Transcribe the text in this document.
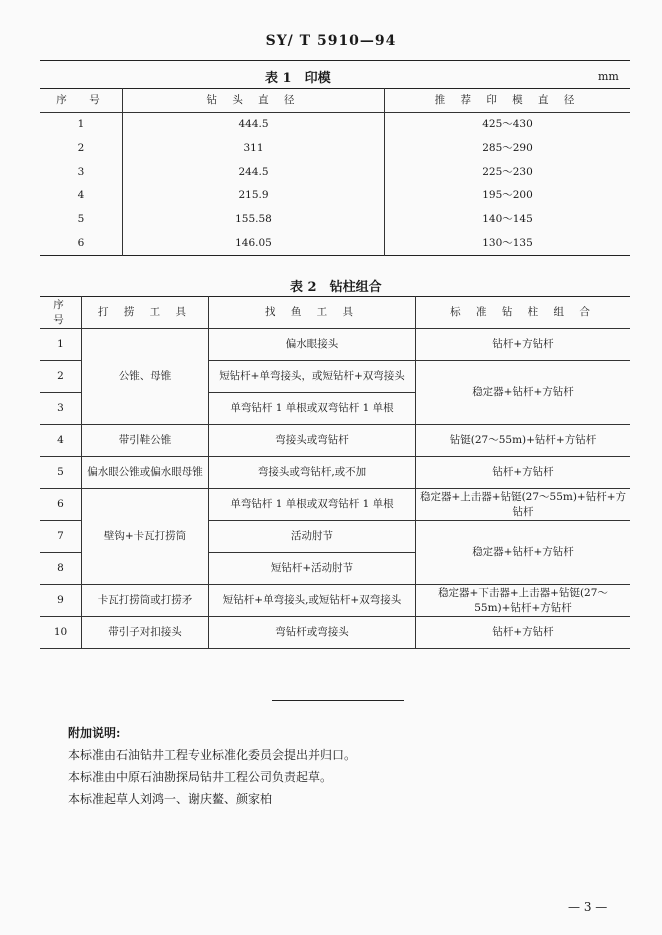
SY/ T 5910—94
表 1　印模	mm
序　号	钻 头 直 径	推 荐 印 模 直 径
1	444.5	425～430
2	311	285～290
3	244.5	225～230
4	215.9	195～200
5	155.58	140～145
6	146.05	130～135
表 2　钻柱组合
序 号	打 捞 工 具	找 鱼 工 具	标 准 钻 柱 组 合
1	公锥、母锥	偏水眼接头	钻杆+方钻杆
2		短钻杆+单弯接头，或短钻杆+双弯接头	稳定器+钻杆+方钻杆
3		单弯钻杆 1 单根或双弯钻杆 1 单根	
4	带引鞋公锥	弯接头或弯钻杆	钻铤(27～55m)+钻杆+方钻杆
5	偏水眼公锥或偏水眼母锥	弯接头或弯钻杆,或不加	钻杆+方钻杆
6	壁钩+卡瓦打捞筒	单弯钻杆 1 单根或双弯钻杆 1 单根	稳定器+上击器+钻铤(27～55m)+钻杆+方钻杆
7		活动肘节	稳定器+钻杆+方钻杆
8		短钻杆+活动肘节	
9	卡瓦打捞筒或打捞矛	短钻杆+单弯接头,或短钻杆+双弯接头	稳定器+下击器+上击器+钻铤(27～55m)+钻杆+方钻杆
10	带引子对扣接头	弯钻杆或弯接头	钻杆+方钻杆
附加说明:
本标准由石油钻井工程专业标准化委员会提出并归口。
本标准由中原石油勘探局钻井工程公司负责起草。
本标准起草人刘鸿一、谢庆鳌、颜家柏
— 3 —
